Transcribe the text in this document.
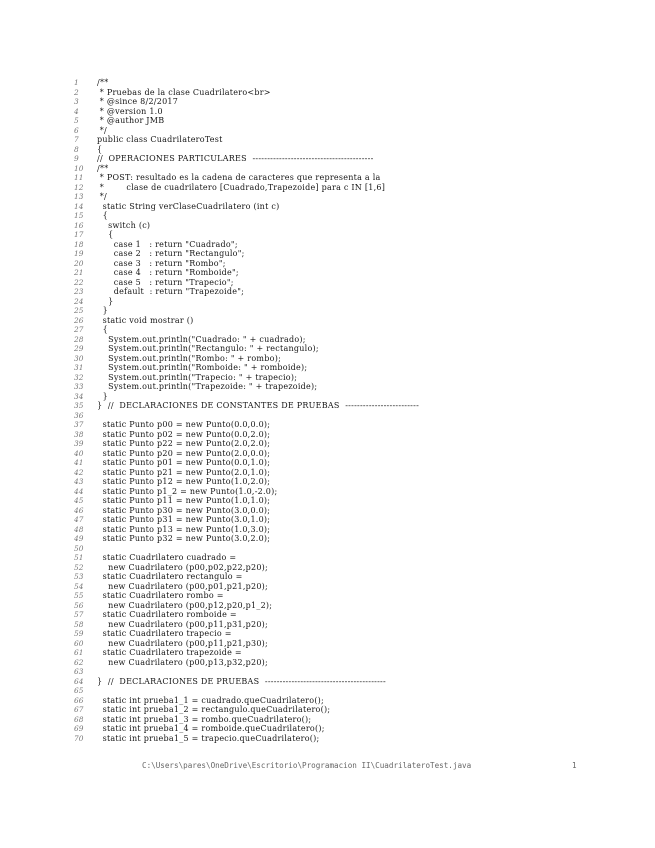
1	/**
2	* Pruebas de la clase Cuadrilatero<br>
3	* @since 8/2/2017
4	* @version 1.0
5	* @author JMB
6	*/
7	public class CuadrilateroTest
8	{
9	//  OPERACIONES PARTICULARES  -----------------------------------------
10	/**
11	* POST: resultado es la cadena de caracteres que representa a la
12	*        clase de cuadrilatero [Cuadrado,Trapezoide] para c IN [1,6]
13	*/
14	static String verClaseCuadrilatero (int c)
15	{
16	switch (c)
17	{
18	case 1   : return "Cuadrado";
19	case 2   : return "Rectangulo";
20	case 3   : return "Rombo";
21	case 4   : return "Romboide";
22	case 5   : return "Trapecio";
23	default  : return "Trapezoide";
24	}
25	}
26	static void mostrar ()
27	{
28	System.out.println("Cuadrado: " + cuadrado);
29	System.out.println("Rectangulo: " + rectangulo);
30	System.out.println("Rombo: " + rombo);
31	System.out.println("Romboide: " + romboide);
32	System.out.println("Trapecio: " + trapecio);
33	System.out.println("Trapezoide: " + trapezoide);
34	}
35	}  //  DECLARACIONES DE CONSTANTES DE PRUEBAS  -------------------------
36
37	static Punto p00 = new Punto(0.0,0.0);
38	static Punto p02 = new Punto(0.0,2.0);
39	static Punto p22 = new Punto(2.0,2.0);
40	static Punto p20 = new Punto(2.0,0.0);
41	static Punto p01 = new Punto(0.0,1.0);
42	static Punto p21 = new Punto(2.0,1.0);
43	static Punto p12 = new Punto(1.0,2.0);
44	static Punto p1_2 = new Punto(1.0,-2.0);
45	static Punto p11 = new Punto(1.0,1.0);
46	static Punto p30 = new Punto(3.0,0.0);
47	static Punto p31 = new Punto(3.0,1.0);
48	static Punto p13 = new Punto(1.0,3.0);
49	static Punto p32 = new Punto(3.0,2.0);
50
51	static Cuadrilatero cuadrado =
52	new Cuadrilatero (p00,p02,p22,p20);
53	static Cuadrilatero rectangulo =
54	new Cuadrilatero (p00,p01,p21,p20);
55	static Cuadrilatero rombo =
56	new Cuadrilatero (p00,p12,p20,p1_2);
57	static Cuadrilatero romboide =
58	new Cuadrilatero (p00,p11,p31,p20);
59	static Cuadrilatero trapecio =
60	new Cuadrilatero (p00,p11,p21,p30);
61	static Cuadrilatero trapezoide =
62	new Cuadrilatero (p00,p13,p32,p20);
63
64	}  //  DECLARACIONES DE PRUEBAS  -----------------------------------------
65
66	static int prueba1_1 = cuadrado.queCuadrilatero();
67	static int prueba1_2 = rectangulo.queCuadrilatero();
68	static int prueba1_3 = rombo.queCuadrilatero();
69	static int prueba1_4 = romboide.queCuadrilatero();
70	static int prueba1_5 = trapecio.queCuadrilatero();
C:\Users\pares\OneDrive\Escritorio\Programacion II\CuadrilateroTest.java	1
